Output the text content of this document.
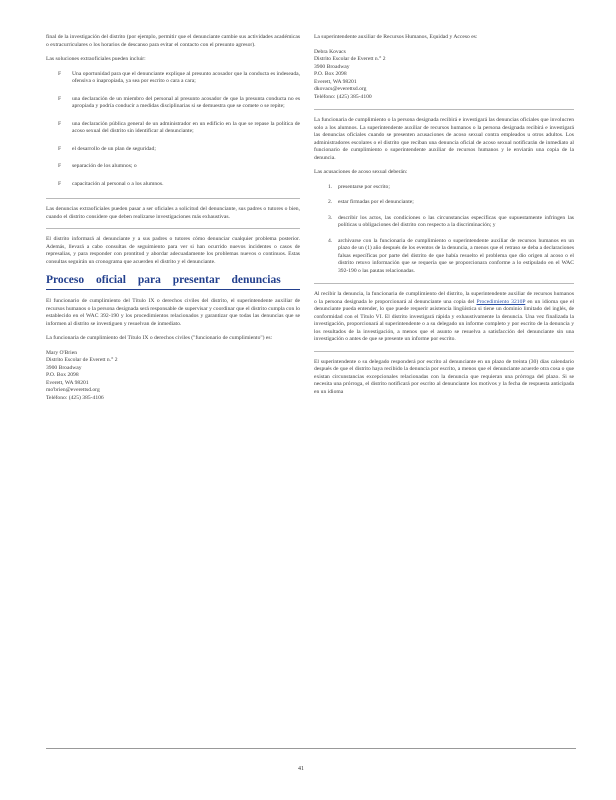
final de la investigación del distrito (por ejemplo, permitir que el denunciante cambie sus actividades académicas o extracurriculares o los horarios de descanso para evitar el contacto con el presunto agresor).

Las soluciones extraoficiales pueden incluir:

F	Una oportunidad para que el denunciante explique al presunto acosador que la conducta es indeseada, ofensiva o inapropiada, ya sea por escrito o cara a cara;
F	una declaración de un miembro del personal al presunto acosador de que la presunta conducta no es apropiada y podría conducir a medidas disciplinarias si se demuestra que se comete o se repite;
F	una declaración pública general de un administrador en un edificio en la que se repase la política de acoso sexual del distrito sin identificar al denunciante;
F	el desarrollo de un plan de seguridad;
F	separación de los alumnos; o
F	capacitación al personal o a los alumnos.

Las denuncias extraoficiales pueden pasar a ser oficiales a solicitud del denunciante, sus padres o tutores o bien, cuando el distrito considere que deben realizarse investigaciones más exhaustivas.

El distrito informará al denunciante y a sus padres o tutores cómo denunciar cualquier problema posterior. Además, llevará a cabo consultas de seguimiento para ver si han ocurrido nuevos incidentes o casos de represalias, y para responder con prontitud y abordar adecuadamente los problemas nuevos o continuos. Estas consultas seguirán un cronograma que acuerden el distrito y el denunciante.

Proceso oficial para presentar denuncias

El funcionario de cumplimiento del Título IX o derechos civiles del distrito, el superintendente auxiliar de recursos humanos o la persona designada será responsable de supervisar y coordinar que el distrito cumpla con lo establecido en el WAC 392-190 y los procedimientos relacionados y garantizar que todas las denuncias que se informen al distrito se investiguen y resuelvan de inmediato.

La funcionaria de cumplimiento del Título IX o derechos civiles ("funcionario de cumplimiento") es:

Mary O'Brien
Distrito Escolar de Everett n.° 2
3900 Broadway
P.O. Box 2098
Everett, WA 98201
mo'brien@everettsd.org
Teléfono: (425) 385-4106

La superintendente auxiliar de Recursos Humanos, Equidad y Acceso es:

Debra Kovacs
Distrito Escolar de Everett n.° 2
3900 Broadway
P.O. Box 2098
Everett, WA 98201
dkovacs@everettsd.org
Teléfono: (425) 385-4100

La funcionaria de cumplimiento o la persona designada recibirá e investigará las denuncias oficiales que involucren solo a los alumnos. La superintendente auxiliar de recursos humanos o la persona designada recibirá e investigará las denuncias oficiales cuando se presenten acusaciones de acoso sexual contra empleados u otros adultos. Los administradores escolares o el distrito que reciban una denuncia oficial de acoso sexual notificarán de inmediato al funcionario de cumplimiento o superintendente auxiliar de recursos humanos y le enviarán una copia de la denuncia.

Las acusaciones de acoso sexual deberán:

1.	presentarse por escrito;
2.	estar firmadas por el denunciante;
3.	describir los actos, las condiciones o las circunstancias específicas que supuestamente infringen las políticas u obligaciones del distrito con respecto a la discriminación; y
4.	archivarse con la funcionaria de cumplimiento o superintendente auxiliar de recursos humanos en un plazo de un (1) año después de los eventos de la denuncia, a menos que el retraso se deba a declaraciones falsas específicas por parte del distrito de que había resuelto el problema que dio origen al acoso o el distrito retuvo información que se requería que se proporcionara conforme a lo estipulado en el WAC 392-190 o las pautas relacionadas.

Al recibir la denuncia, la funcionaria de cumplimiento del distrito, la superintendente auxiliar de recursos humanos o la persona designada le proporcionará al denunciante una copia del Procedimiento 3210P en un idioma que el denunciante pueda entender, lo que puede requerir asistencia lingüística si tiene un dominio limitado del inglés, de conformidad con el Título VI. El distrito investigará rápida y exhaustivamente la denuncia. Una vez finalizada la investigación, proporcionará al superintendente o a su delegado un informe completo y por escrito de la denuncia y los resultados de la investigación, a menos que el asunto se resuelva a satisfacción del denunciante sin una investigación o antes de que se presente un informe por escrito.

El superintendente o su delegado responderá por escrito al denunciante en un plazo de treinta (30) días calendario después de que el distrito haya recibido la denuncia por escrito, a menos que el denunciante acuerde otra cosa o que existan circunstancias excepcionales relacionadas con la denuncia que requieran una prórroga del plazo. Si se necesita una prórroga, el distrito notificará por escrito al denunciante los motivos y la fecha de respuesta anticipada en un idioma

41
